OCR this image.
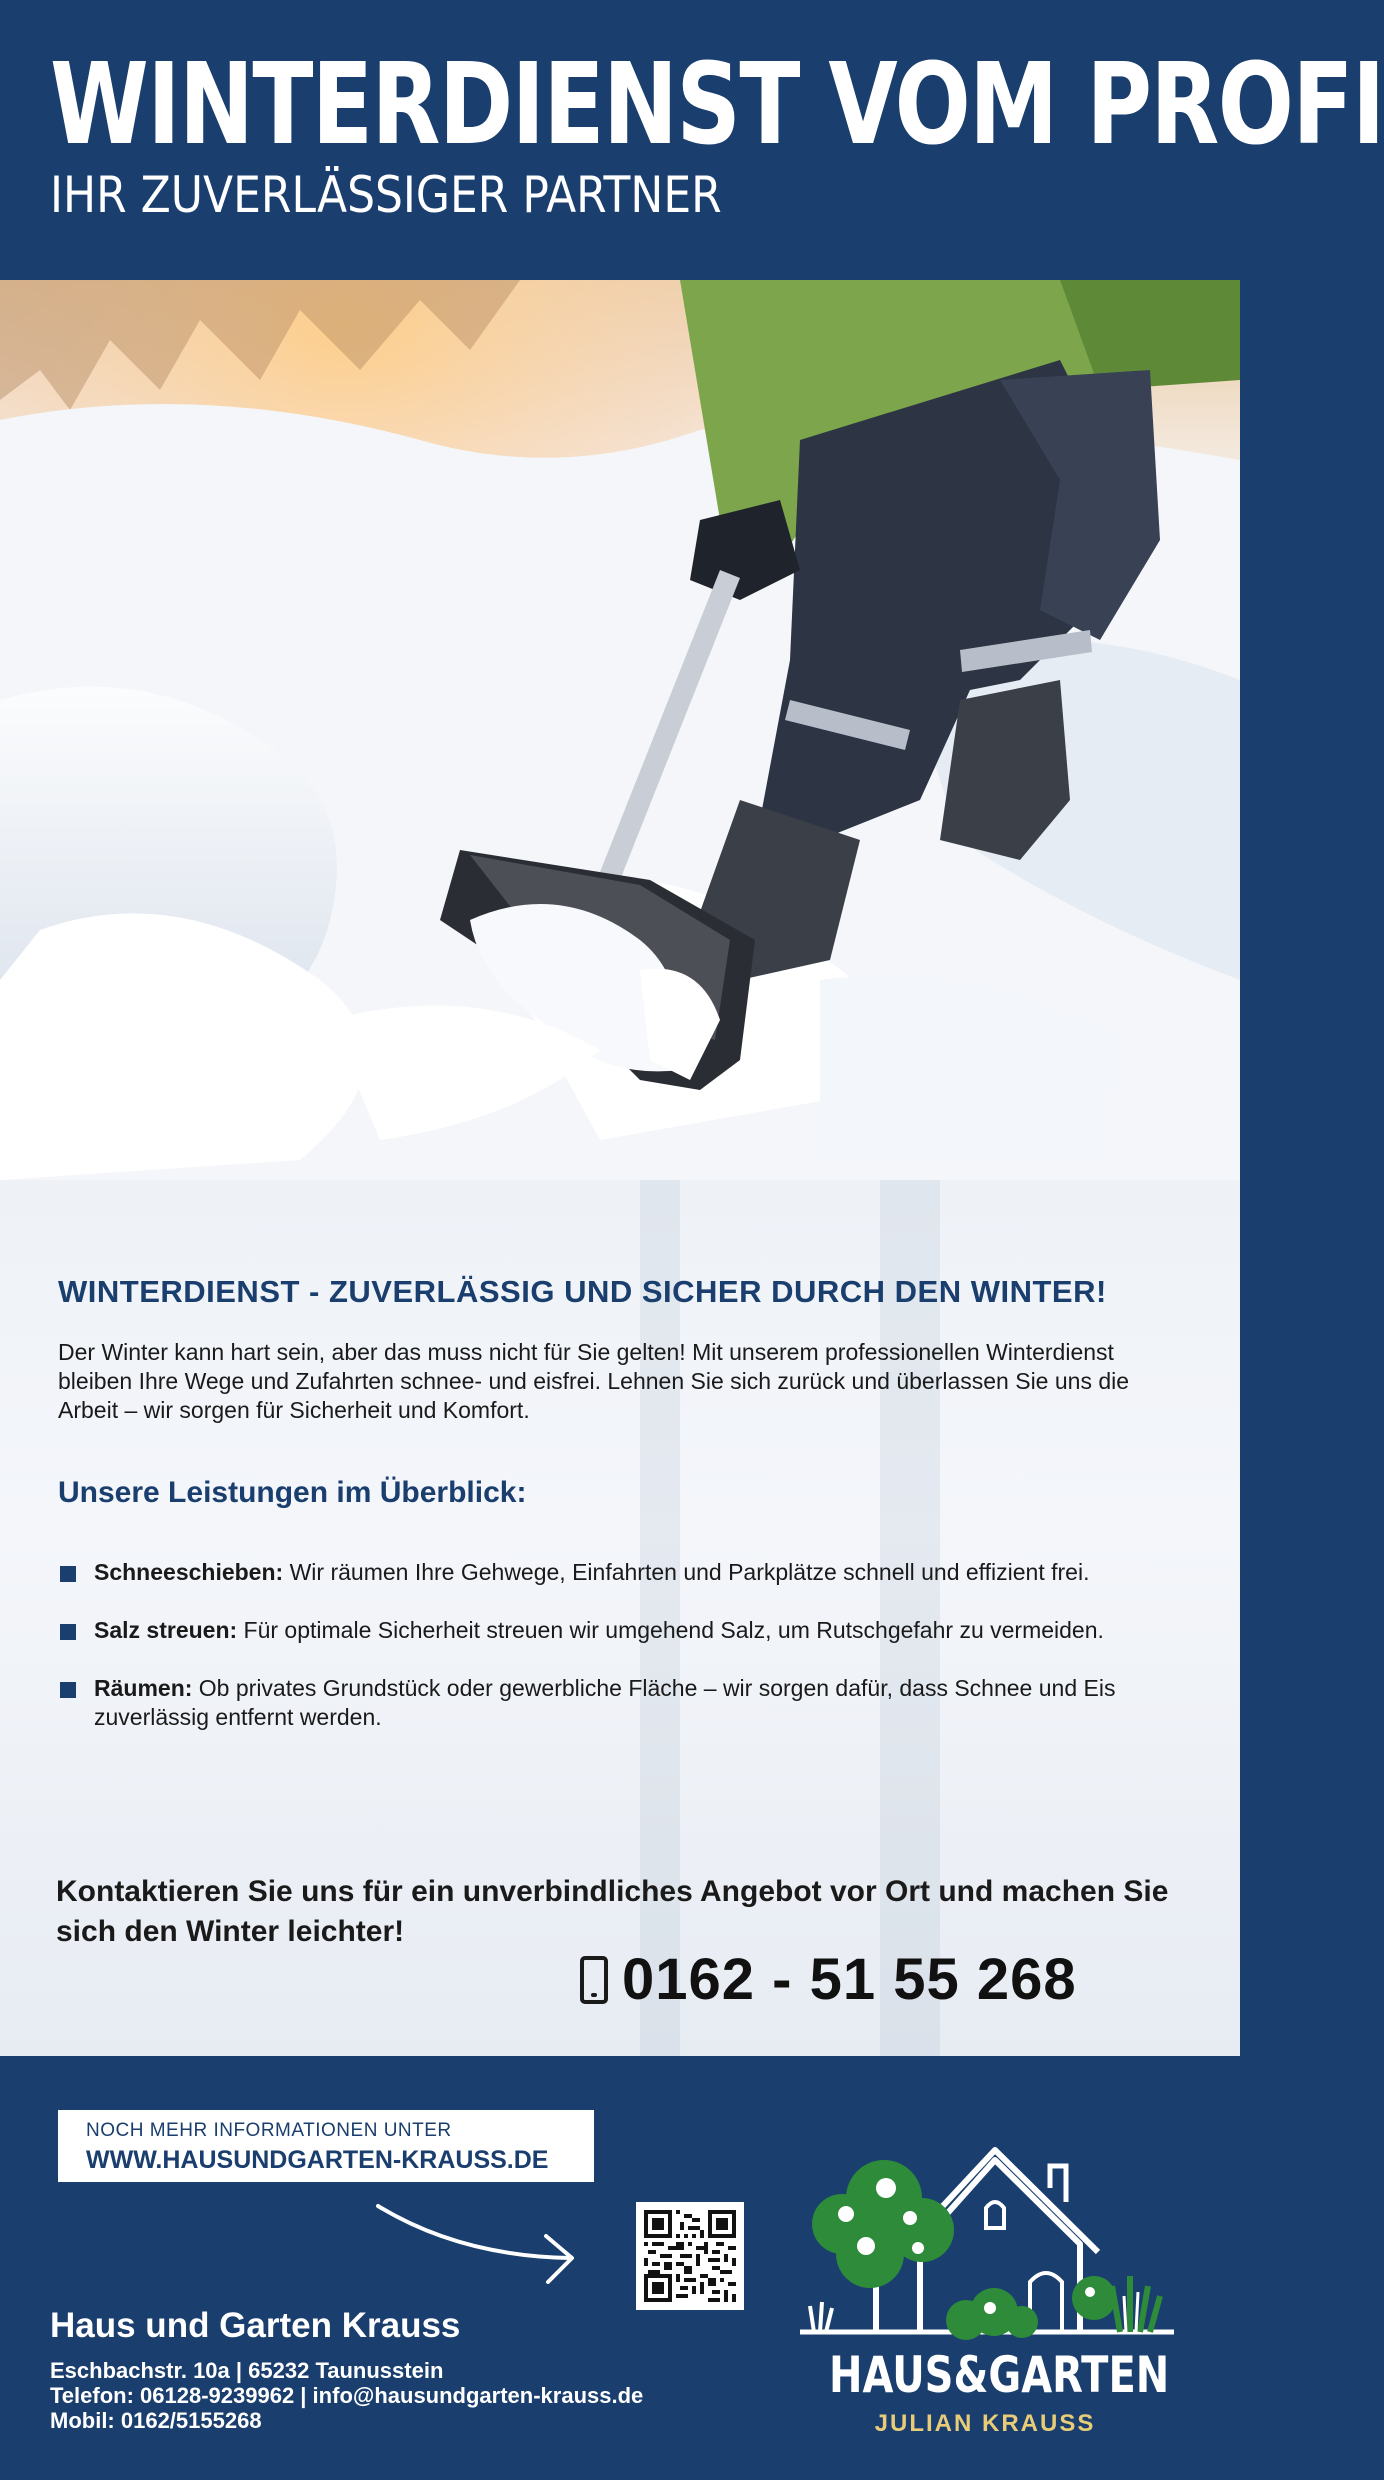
WINTERDIENST VOM PROFI
IHR ZUVERLÄSSIGER PARTNER
WINTERDIENST - ZUVERLÄSSIG UND SICHER DURCH DEN WINTER!

Der Winter kann hart sein, aber das muss nicht für Sie gelten! Mit unserem professionellen Winterdienst bleiben Ihre Wege und Zufahrten schnee- und eisfrei. Lehnen Sie sich zurück und überlassen Sie uns die Arbeit – wir sorgen für Sicherheit und Komfort.

Unsere Leistungen im Überblick:
Schneeschieben: Wir räumen Ihre Gehwege, Einfahrten und Parkplätze schnell und effizient frei.
Salz streuen: Für optimale Sicherheit streuen wir umgehend Salz, um Rutschgefahr zu vermeiden.
Räumen: Ob privates Grundstück oder gewerbliche Fläche – wir sorgen dafür, dass Schnee und Eis zuverlässig entfernt werden.

Kontaktieren Sie uns für ein unverbindliches Angebot vor Ort und machen Sie sich den Winter leichter!

0162 - 51 55 268
NOCH MEHR INFORMATIONEN UNTER
WWW.HAUSUNDGARTEN-KRAUSS.DE
Haus und Garten Krauss
Eschbachstr. 10a | 65232 Taunusstein
Telefon: 06128-9239962 | info@hausundgarten-krauss.de
Mobil: 0162/5155268
HAUS&GARTEN
JULIAN KRAUSS
